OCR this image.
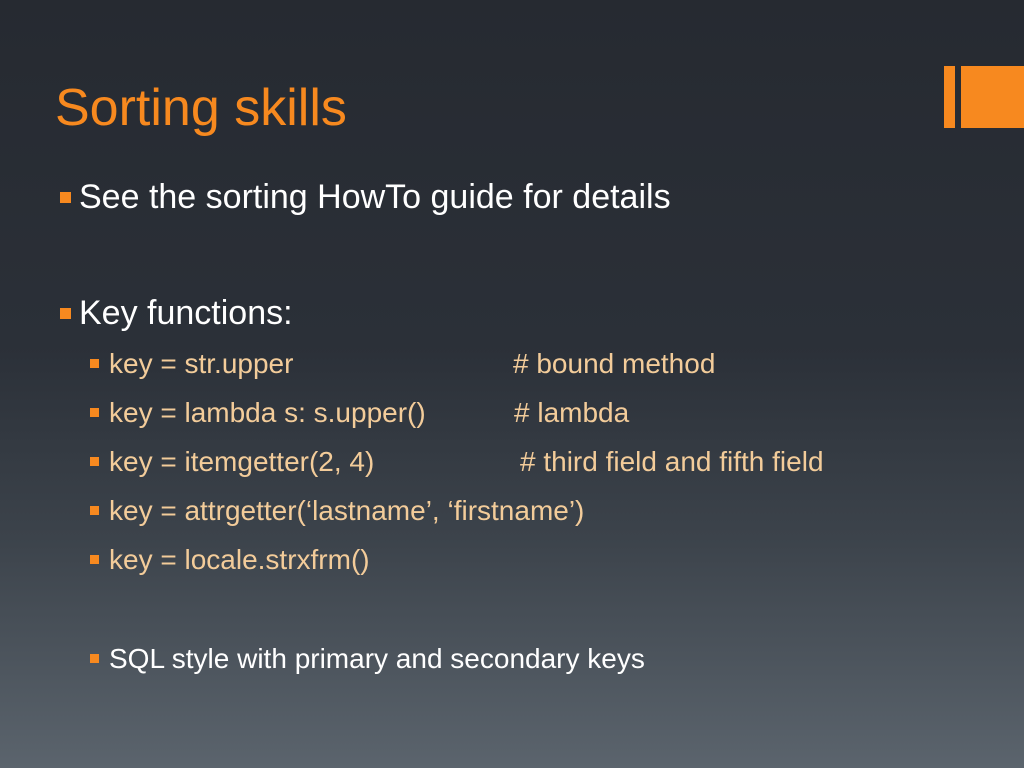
Sorting skills
See the sorting HowTo guide for details
Key functions:
key = str.upper	# bound method
key = lambda s: s.upper()	# lambda
key = itemgetter(2, 4)	# third field and fifth field
key = attrgetter(‘lastname’, ‘firstname’)
key = locale.strxfrm()
SQL style with primary and secondary keys
